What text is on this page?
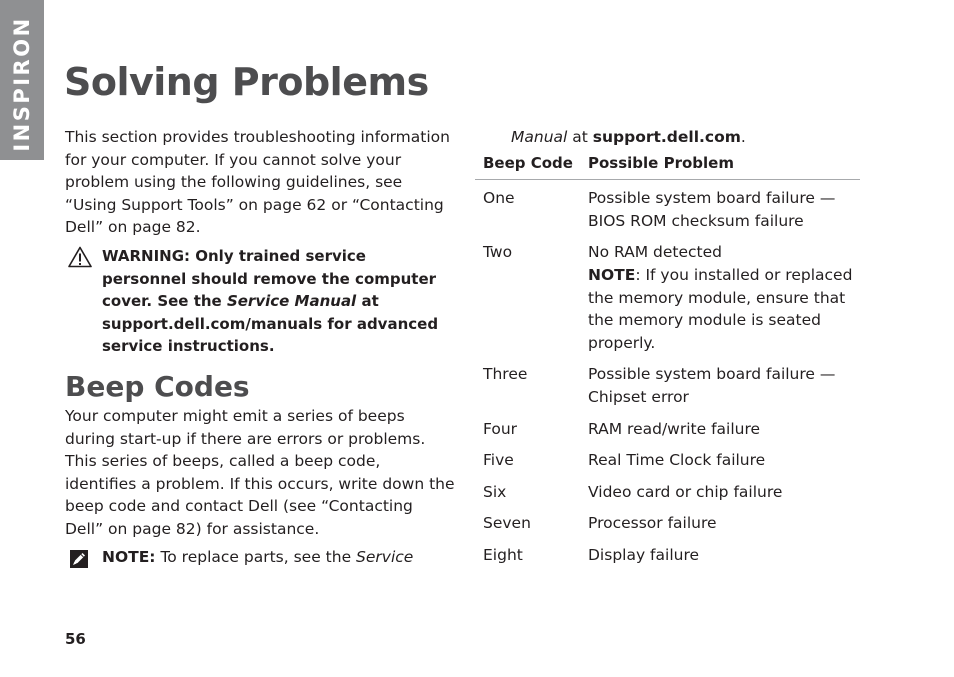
INSPIRON Solving Problems

This section provides troubleshooting information for your computer. If you cannot solve your problem using the following guidelines, see “Using Support Tools” on page 62 or “Contacting Dell” on page 82.

WARNING: Only trained service personnel should remove the computer cover. See the Service Manual at support.dell.com/manuals for advanced service instructions.

Beep Codes

Your computer might emit a series of beeps during start-up if there are errors or problems. This series of beeps, called a beep code, identifies a problem. If this occurs, write down the beep code and contact Dell (see “Contacting Dell” on page 82) for assistance.

NOTE: To replace parts, see the Service

56

Manual at support.dell.com.

Beep Code	Possible Problem
One	Possible system board failure — BIOS ROM checksum failure
Two	No RAM detected
NOTE: If you installed or replaced the memory module, ensure that the memory module is seated properly.
Three	Possible system board failure — Chipset error
Four	RAM read/write failure
Five	Real Time Clock failure
Six	Video card or chip failure
Seven	Processor failure
Eight	Display failure
